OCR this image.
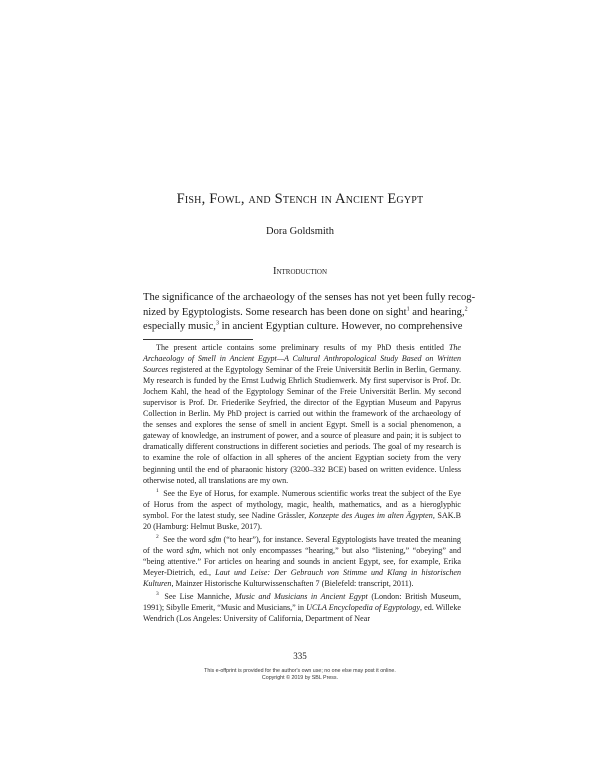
Fish, Fowl, and Stench in Ancient Egypt
Dora Goldsmith
Introduction
The significance of the archaeology of the senses has not yet been fully recog-
nized by Egyptologists. Some research has been done on sight$^1$ and hearing,$^2$
especially music,$^3$ in ancient Egyptian culture. However, no comprehensive

The present article contains some preliminary results of my PhD thesis entitled The Archaeology of Smell in Ancient Egypt—A Cultural Anthropological Study Based on Written Sources registered at the Egyptology Seminar of the Freie Universität Berlin in Berlin, Germany. My research is funded by the Ernst Ludwig Ehrlich Studienwerk. My first supervisor is Prof. Dr. Jochem Kahl, the head of the Egyptology Seminar of the Freie Universität Berlin. My second supervisor is Prof. Dr. Friederike Seyfried, the director of the Egyptian Museum and Papyrus Collection in Berlin. My PhD project is carried out within the framework of the archaeology of the senses and explores the sense of smell in ancient Egypt. Smell is a social phenomenon, a gateway of knowledge, an instrument of power, and a source of pleasure and pain; it is subject to dramatically different constructions in different societies and periods. The goal of my research is to examine the role of olfaction in all spheres of the ancient Egyptian society from the very beginning until the end of pharaonic history (3200–332 BCE) based on written evidence. Unless otherwise noted, all translations are my own.

$^1$ See the Eye of Horus, for example. Numerous scientific works treat the subject of the Eye of Horus from the aspect of mythology, magic, health, mathematics, and as a hieroglyphic symbol. For the latest study, see Nadine Grässler, Konzepte des Auges im alten Ägypten, SAK.B 20 (Hamburg: Helmut Buske, 2017).

$^2$ See the word sḏm (“to hear”), for instance. Several Egyptologists have treated the meaning of the word sḏm, which not only encompasses “hearing,” but also “listening,” “obeying” and “being attentive.” For articles on hearing and sounds in ancient Egypt, see, for example, Erika Meyer-Dietrich, ed., Laut und Leise: Der Gebrauch von Stimme und Klang in historischen Kulturen, Mainzer Historische Kulturwissenschaften 7 (Bielefeld: transcript, 2011).

$^3$ See Lise Manniche, Music and Musicians in Ancient Egypt (London: British Museum, 1991); Sibylle Emerit, “Music and Musicians,” in UCLA Encyclopedia of Egyptology, ed. Willeke Wendrich (Los Angeles: University of California, Department of Near

335
This e-offprint is provided for the author's own use; no one else may post it online.
Copyright © 2019 by SBL Press.
